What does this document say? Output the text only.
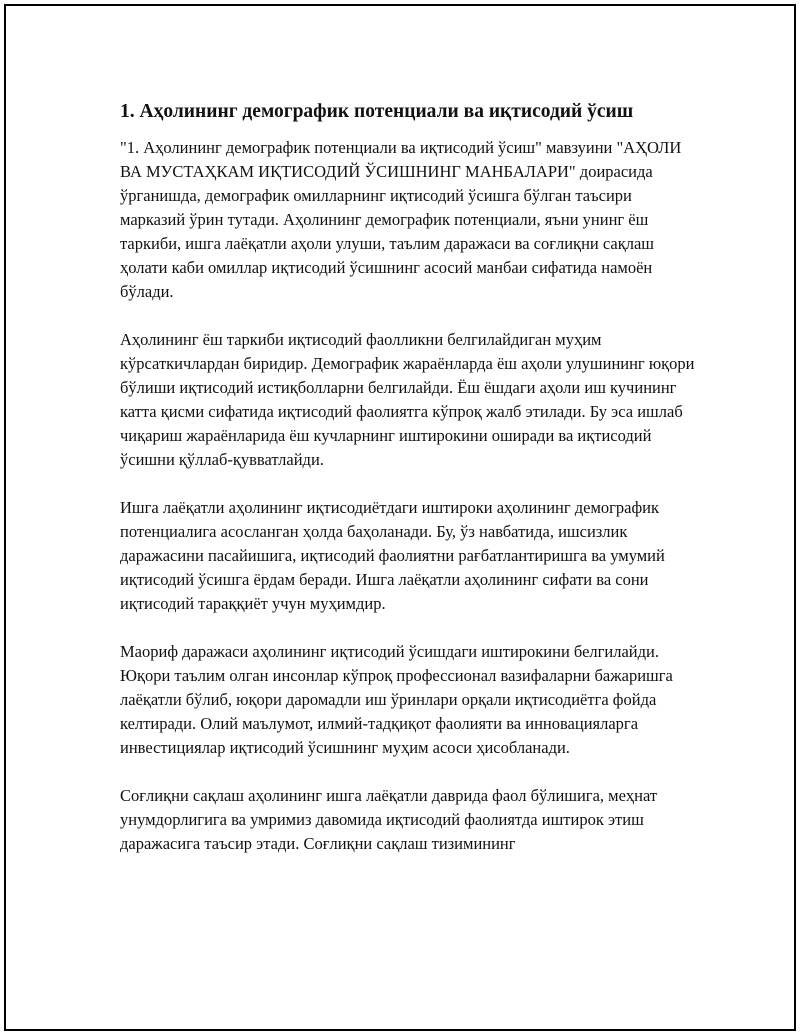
1. Аҳолининг демографик потенциали ва иқтисодий ўсиш

"1. Аҳолининг демографик потенциали ва иқтисодий ўсиш" мавзуини "АҲОЛИ ВА МУСТАҲКАМ ИҚТИСОДИЙ ЎСИШНИНГ МАНБАЛАРИ" доирасида ўрганишда, демографик омилларнинг иқтисодий ўсишга бўлган таъсири марказий ўрин тутади. Аҳолининг демографик потенциали, яъни унинг ёш таркиби, ишга лаёқатли аҳоли улуши, таълим даражаси ва соғлиқни сақлаш ҳолати каби омиллар иқтисодий ўсишнинг асосий манбаи сифатида намоён бўлади.

Аҳолининг ёш таркиби иқтисодий фаолликни белгилайдиган муҳим кўрсаткичлардан биридир. Демографик жараёнларда ёш аҳоли улушининг юқори бўлиши иқтисодий истиқболларни белгилайди. Ёш ёшдаги аҳоли иш кучининг катта қисми сифатида иқтисодий фаолиятга кўпроқ жалб этилади. Бу эса ишлаб чиқариш жараёнларида ёш кучларнинг иштирокини оширади ва иқтисодий ўсишни қўллаб-қувватлайди.

Ишга лаёқатли аҳолининг иқтисодиётдаги иштироки аҳолининг демографик потенциалига асосланган ҳолда баҳоланади. Бу, ўз навбатида, ишсизлик даражасини пасайишига, иқтисодий фаолиятни рағбатлантиришга ва умумий иқтисодий ўсишга ёрдам беради. Ишга лаёқатли аҳолининг сифати ва сони иқтисодий тараққиёт учун муҳимдир.

Маориф даражаси аҳолининг иқтисодий ўсишдаги иштирокини белгилайди. Юқори таълим олган инсонлар кўпроқ профессионал вазифаларни бажаришга лаёқатли бўлиб, юқори даромадли иш ўринлари орқали иқтисодиётга фойда келтиради. Олий маълумот, илмий-тадқиқот фаолияти ва инновацияларга инвестициялар иқтисодий ўсишнинг муҳим асоси ҳисобланади.

Соғлиқни сақлаш аҳолининг ишга лаёқатли даврида фаол бўлишига, меҳнат унумдорлигига ва умримиз давомида иқтисодий фаолиятда иштирок этиш даражасига таъсир этади. Соғлиқни сақлаш тизимининг
